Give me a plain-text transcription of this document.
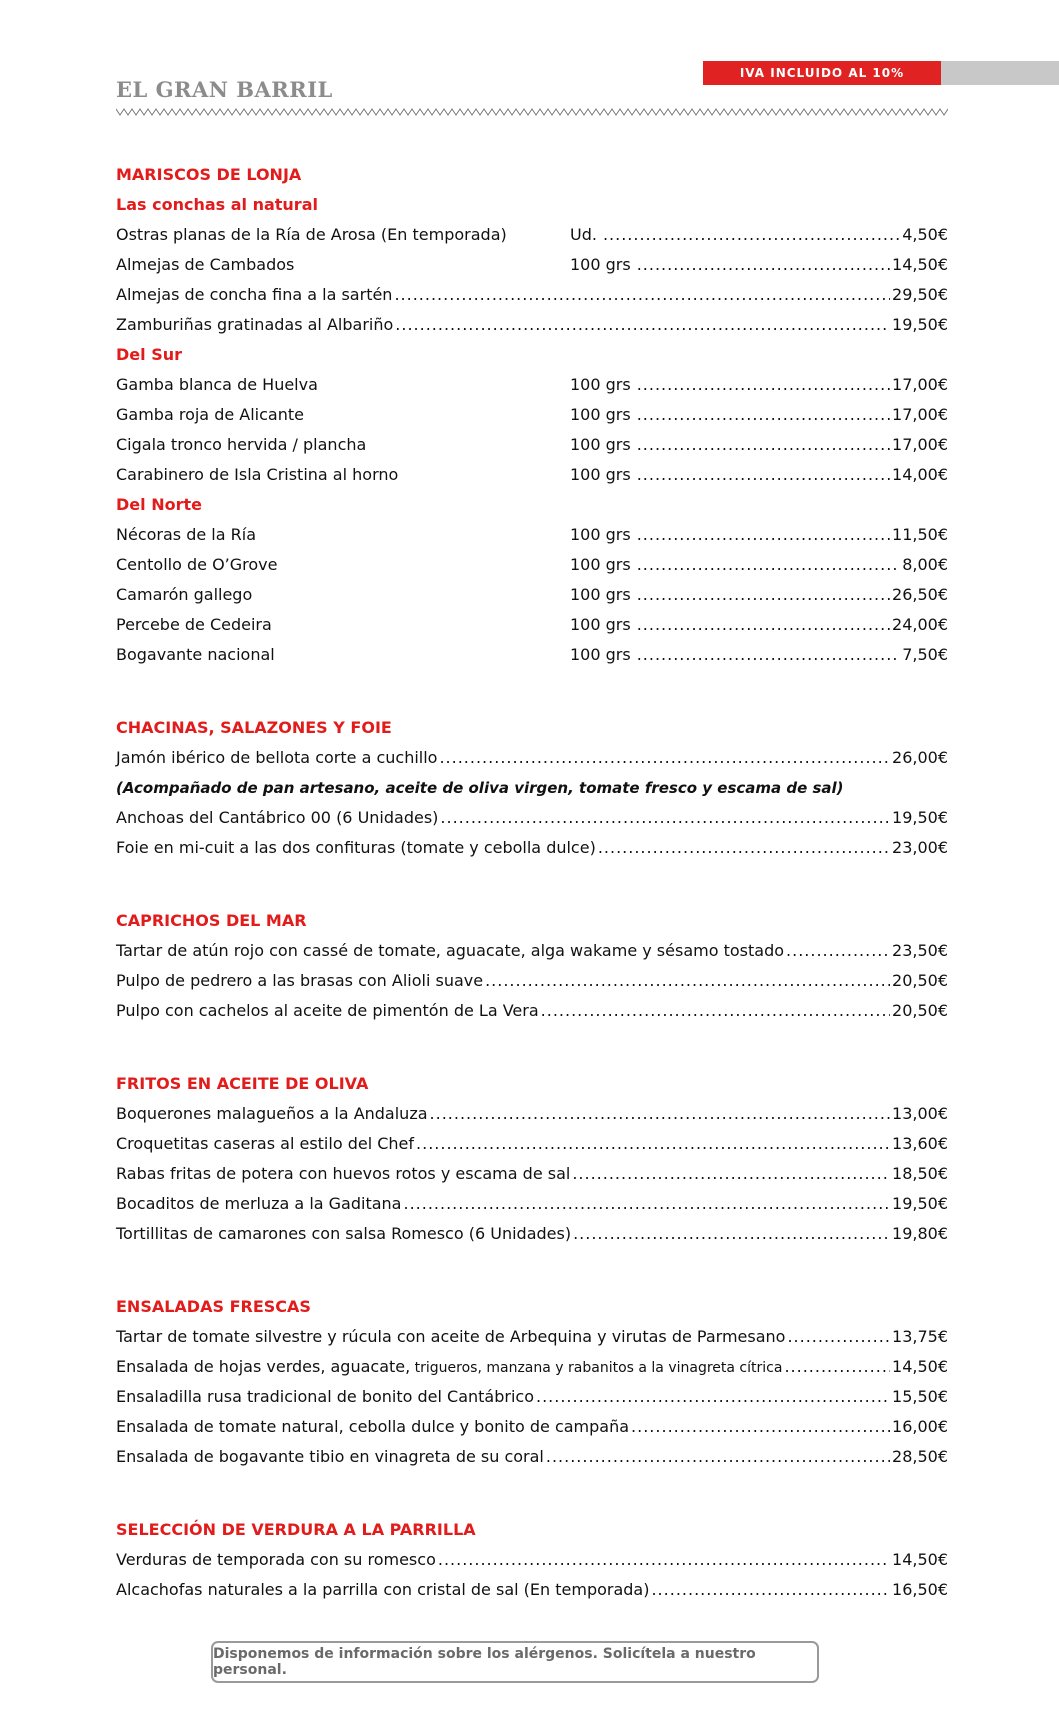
IVA INCLUIDO AL 10%
EL GRAN BARRIL
MARISCOS DE LONJA
Las conchas al natural
Ostras planas de la Ría de Arosa (En temporada)	Ud. .....	4,50€
Almejas de Cambados	100 grs .....	14,50€
Almejas de concha fina a la sartén .....	29,50€
Zamburiñas gratinadas al Albariño .....	19,50€
Del Sur
Gamba blanca de Huelva	100 grs .....	17,00€
Gamba roja de Alicante	100 grs .....	17,00€
Cigala tronco hervida / plancha	100 grs .....	17,00€
Carabinero de Isla Cristina al horno	100 grs .....	14,00€
Del Norte
Nécoras de la Ría	100 grs .....	11,50€
Centollo de O’Grove	100 grs .....	8,00€
Camarón gallego	100 grs .....	26,50€
Percebe de Cedeira	100 grs .....	24,00€
Bogavante nacional	100 grs .....	7,50€
CHACINAS, SALAZONES Y FOIE
Jamón ibérico de bellota corte a cuchillo .....	26,00€
(Acompañado de pan artesano, aceite de oliva virgen, tomate fresco y escama de sal)
Anchoas del Cantábrico 00 (6 Unidades) .....	19,50€
Foie en mi-cuit a las dos confituras (tomate y cebolla dulce) .....	23,00€
CAPRICHOS DEL MAR
Tartar de atún rojo con cassé de tomate, aguacate, alga wakame y sésamo tostado .....	23,50€
Pulpo de pedrero a las brasas con Alioli suave .....	20,50€
Pulpo con cachelos al aceite de pimentón de La Vera .....	20,50€
FRITOS EN ACEITE DE OLIVA
Boquerones malagueños a la Andaluza .....	13,00€
Croquetitas caseras al estilo del Chef .....	13,60€
Rabas fritas de potera con huevos rotos y escama de sal .....	18,50€
Bocaditos de merluza a la Gaditana .....	19,50€
Tortillitas de camarones con salsa Romesco (6 Unidades) .....	19,80€
ENSALADAS FRESCAS
Tartar de tomate silvestre y rúcula con aceite de Arbequina y virutas de Parmesano .....	13,75€
Ensalada de hojas verdes, aguacate, trigueros, manzana y rabanitos a la vinagreta cítrica .....	14,50€
Ensaladilla rusa tradicional de bonito del Cantábrico .....	15,50€
Ensalada de tomate natural, cebolla dulce y bonito de campaña .....	16,00€
Ensalada de bogavante tibio en vinagreta de su coral .....	28,50€
SELECCIÓN DE VERDURA A LA PARRILLA
Verduras de temporada con su romesco .....	14,50€
Alcachofas naturales a la parrilla con cristal de sal (En temporada) .....	16,50€
Disponemos de información sobre los alérgenos. Solicítela a nuestro personal.
